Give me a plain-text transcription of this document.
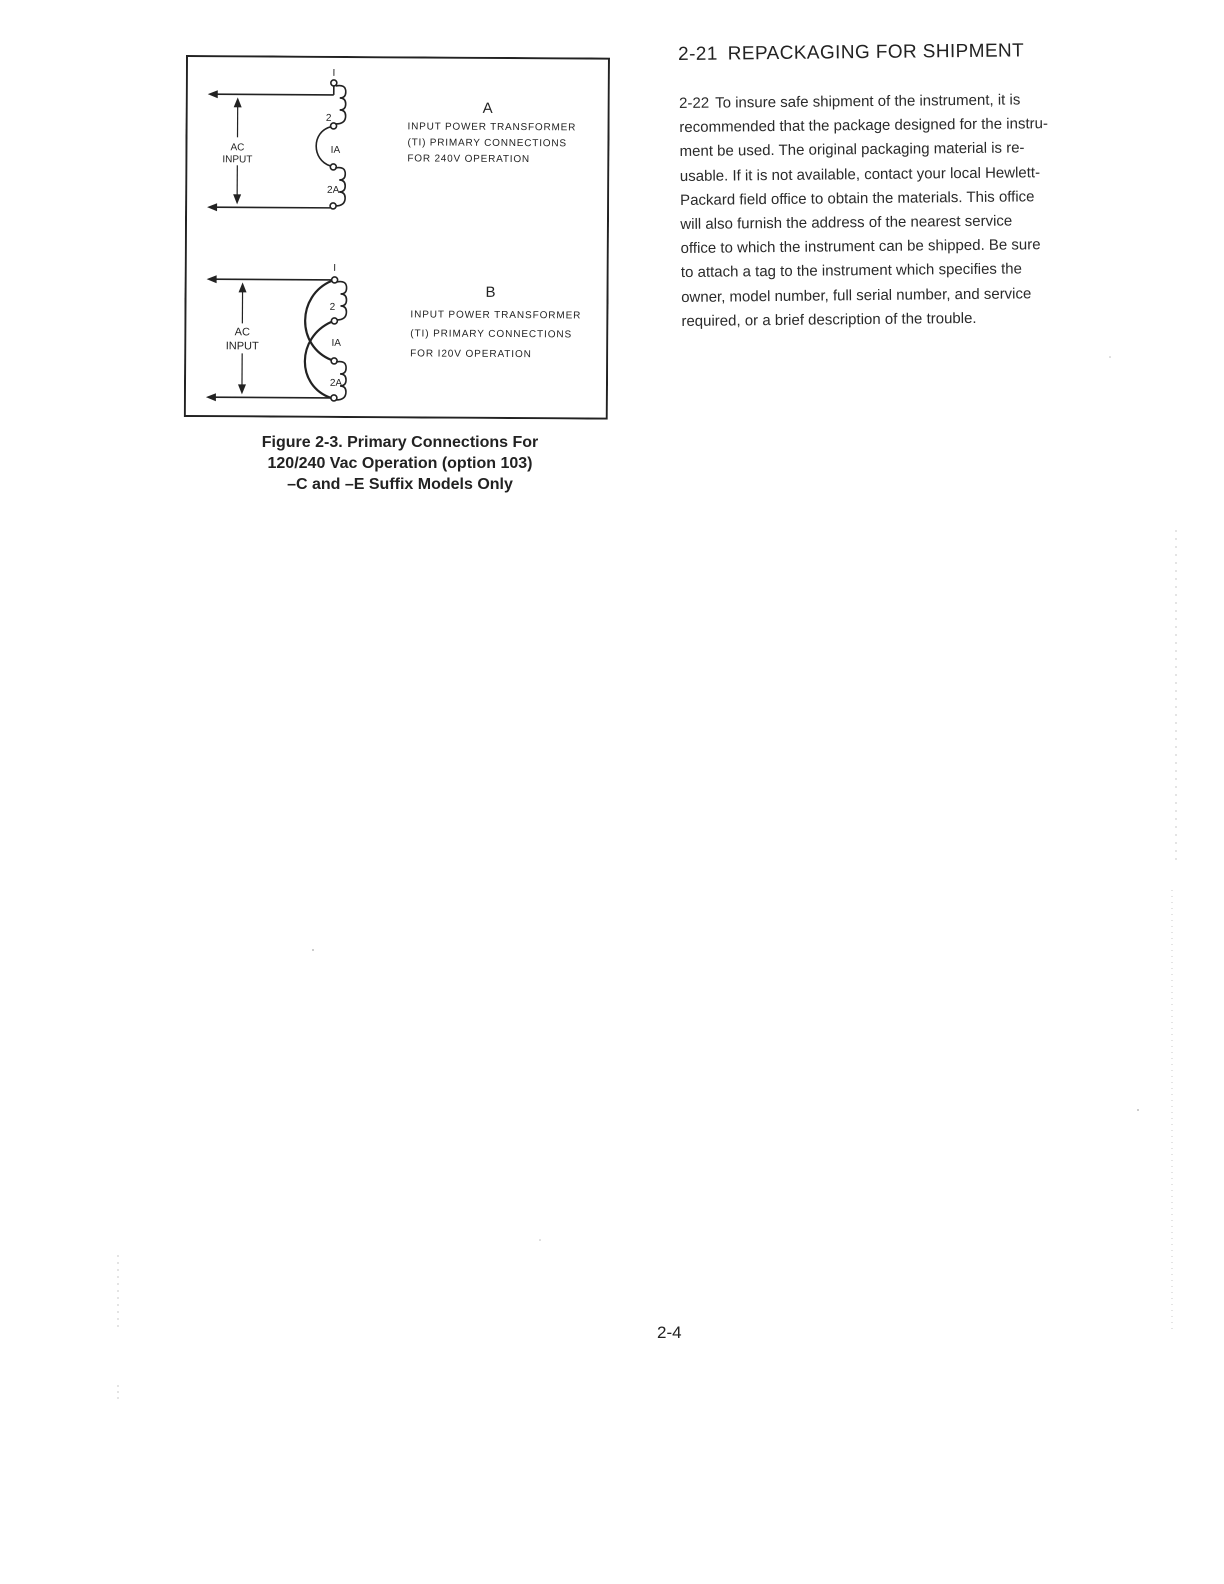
AC
INPUT
I
2
IA
2A
A
INPUT POWER TRANSFORMER
(TI) PRIMARY CONNECTIONS
FOR 240V OPERATION
AC
INPUT
I
2
IA
2A
B
INPUT POWER TRANSFORMER
(TI) PRIMARY CONNECTIONS
FOR I20V OPERATION
Figure 2-3. Primary Connections For
120/240 Vac Operation (option 103)
–C and –E Suffix Models Only
2-21 REPACKAGING FOR SHIPMENT
2-22 To insure safe shipment of the instrument, it is
recommended that the package designed for the instru-
ment be used. The original packaging material is re-
usable. If it is not available, contact your local Hewlett-
Packard field office to obtain the materials. This office
will also furnish the address of the nearest service
office to which the instrument can be shipped. Be sure
to attach a tag to the instrument which specifies the
owner, model number, full serial number, and service
required, or a brief description of the trouble.
2-4
